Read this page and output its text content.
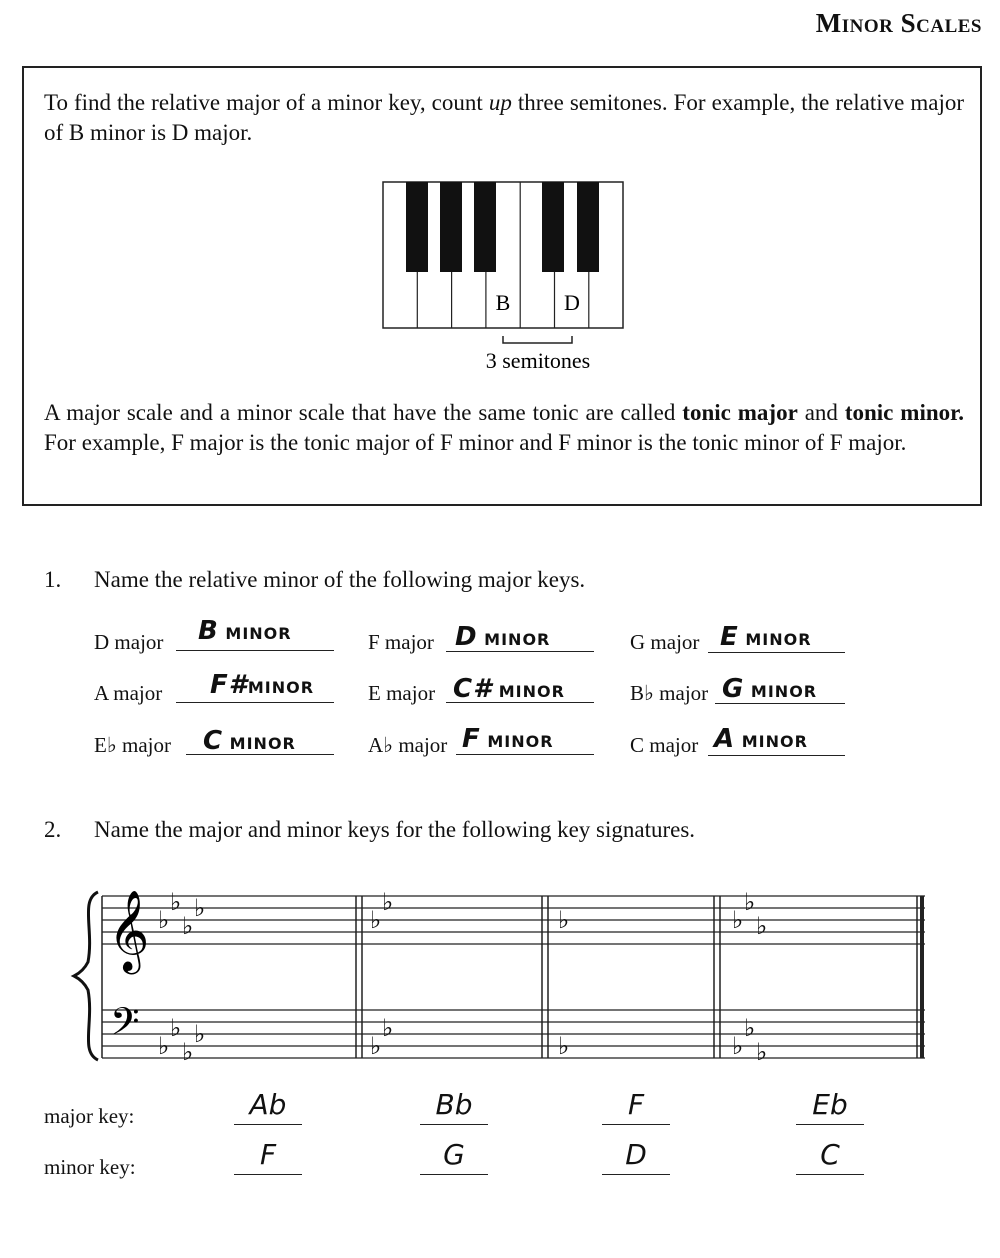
Minor Scales
To find the relative major of a minor key, count up three semitones. For example, the relative major of B minor is D major.
B D
3 semitones
A major scale and a minor scale that have the same tonic are called tonic major and tonic minor. For example, F major is the tonic major of F minor and F minor is the tonic minor of F major.
1. Name the relative minor of the following major keys.
D major B MINOR	F major D MINOR	G major E MINOR
A major F#MINOR	E major C# MINOR	B♭ major G MINOR
E♭ major C MINOR	A♭ major F MINOR	C major A MINOR
2. Name the major and minor keys for the following key signatures.
𝄞
𝄢
♭
♭
♭
♭
♭
♭
♭
♭
♭
♭
♭
♭
♭
♭
♭
♭
♭
♭
♭
♭
major key:
minor key:
Ab	Bb	F	Eb
F	G	D	C
